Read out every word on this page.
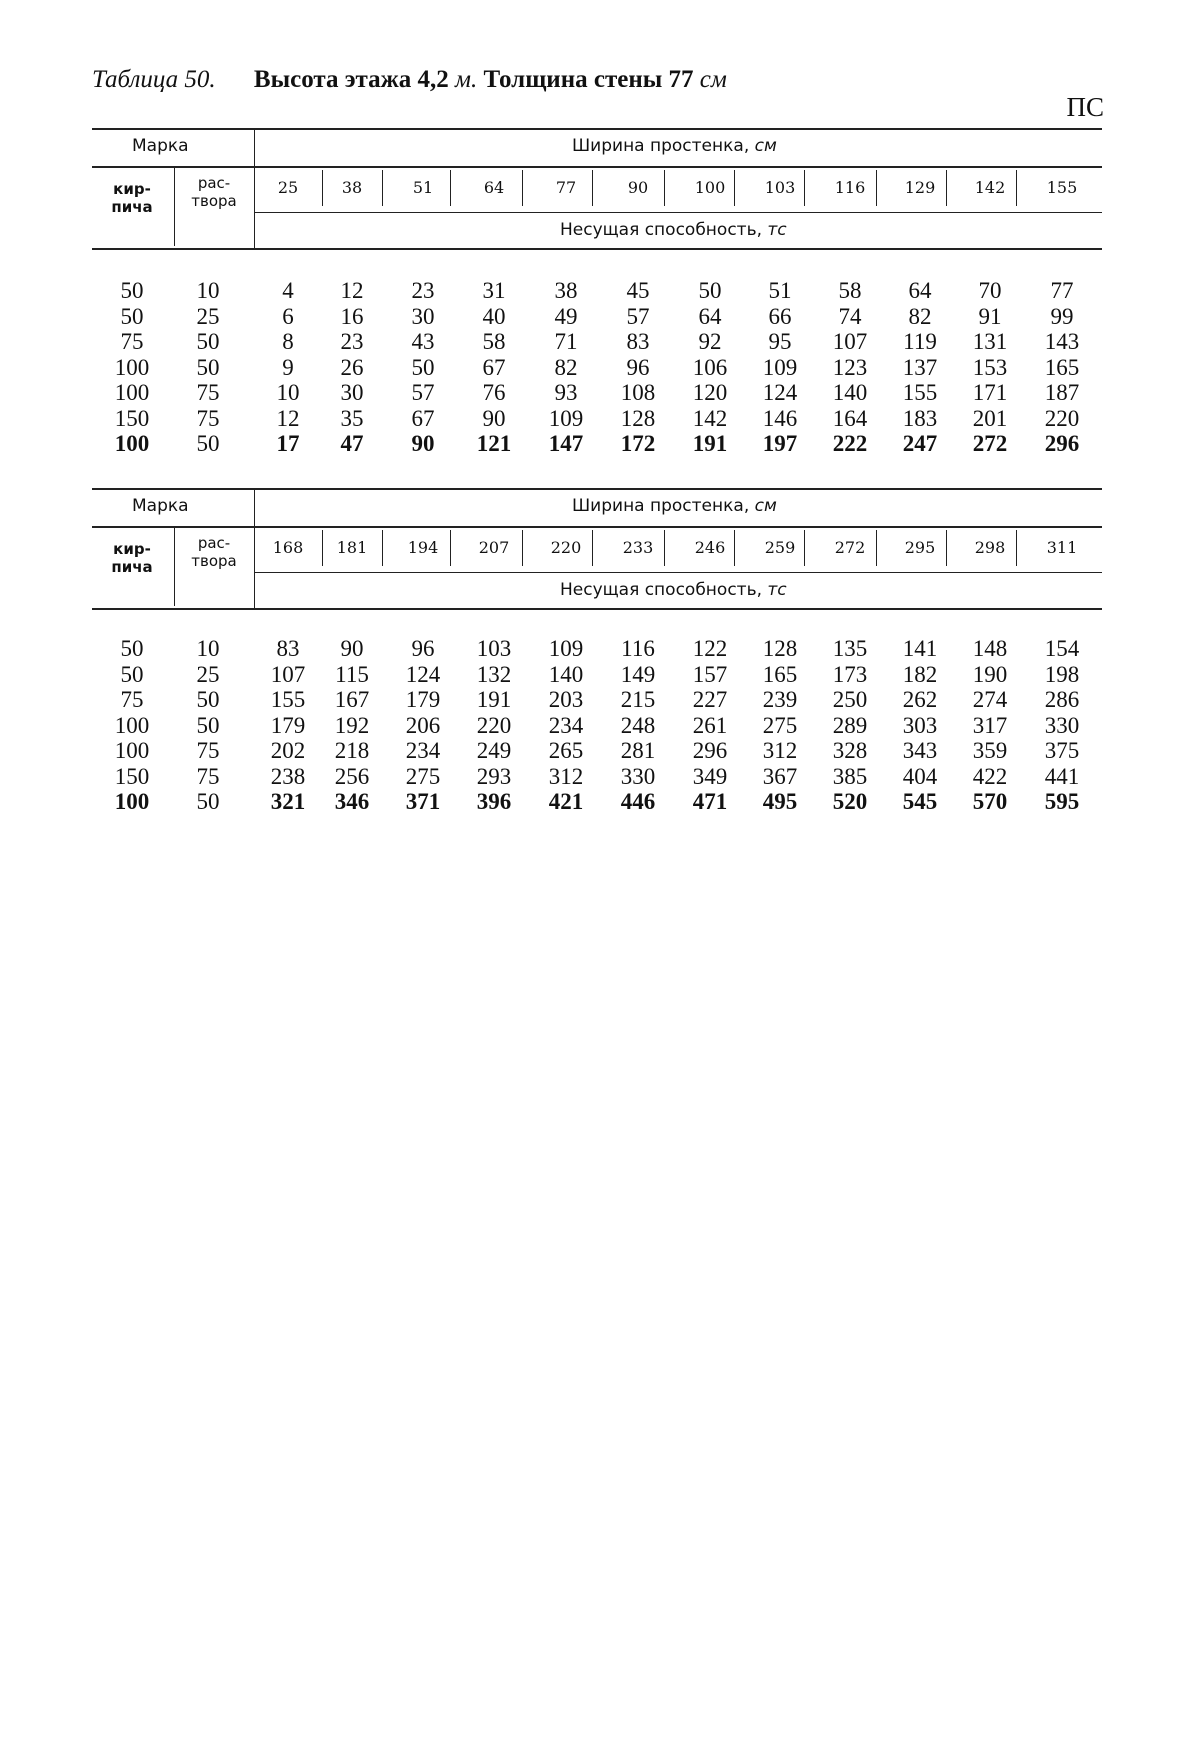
Таблица 50. Высота этажа 4,2 м. Толщина стены 77 см
ПС
Марка	Ширина простенка, см
кир-
пича
рас-
твора
Несущая способность, тс
25	38	51	64	77	90	100	103	116	129	142	155
50	10	4	12	23	31	38	45	50	51	58	64	70	77
50	25	6	16	30	40	49	57	64	66	74	82	91	99
75	50	8	23	43	58	71	83	92	95	107	119	131	143
100	50	9	26	50	67	82	96	106	109	123	137	153	165
100	75	10	30	57	76	93	108	120	124	140	155	171	187
150	75	12	35	67	90	109	128	142	146	164	183	201	220
100	50	17	47	90	121	147	172	191	197	222	247	272	296
Марка	Ширина простенка, см
кир-
пича
рас-
твора
Несущая способность, тс
168	181	194	207	220	233	246	259	272	295	298	311
50	10	83	90	96	103	109	116	122	128	135	141	148	154
50	25	107	115	124	132	140	149	157	165	173	182	190	198
75	50	155	167	179	191	203	215	227	239	250	262	274	286
100	50	179	192	206	220	234	248	261	275	289	303	317	330
100	75	202	218	234	249	265	281	296	312	328	343	359	375
150	75	238	256	275	293	312	330	349	367	385	404	422	441
100	50	321	346	371	396	421	446	471	495	520	545	570	595
